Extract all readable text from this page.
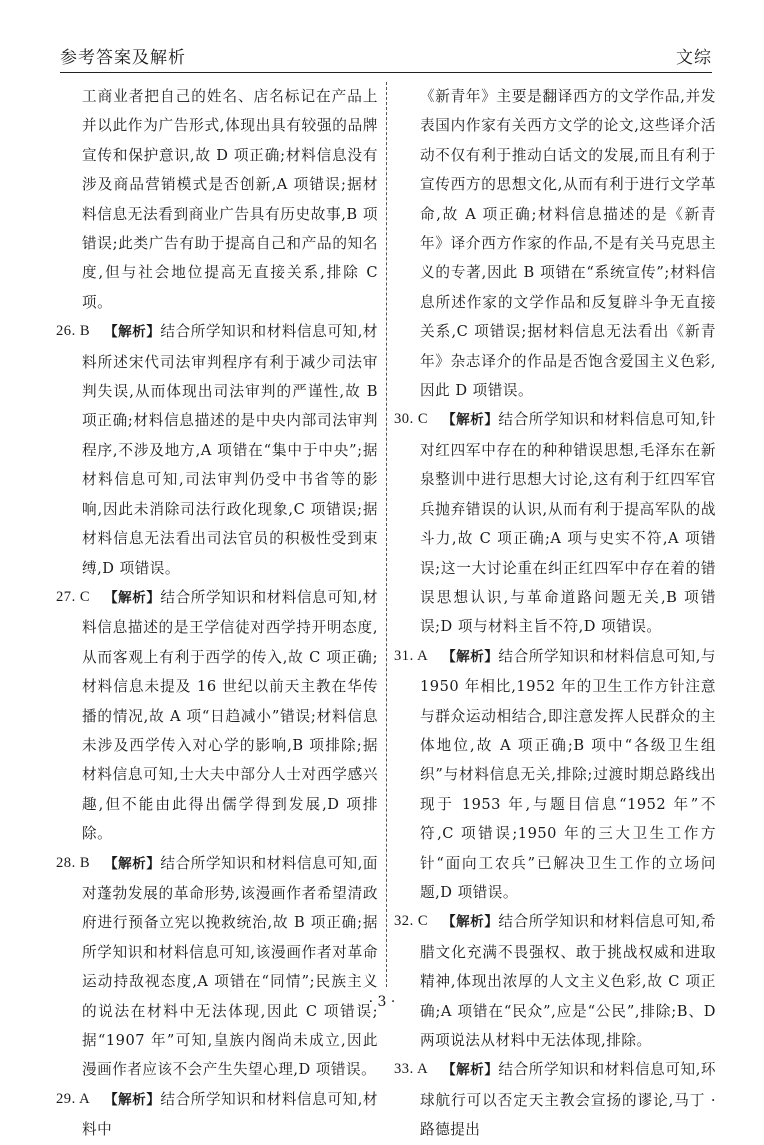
参考答案及解析	文综
工商业者把自己的姓名、店名标记在产品上并以此作为广告形式,体现出具有较强的品牌宣传和保护意识,故 D 项正确;材料信息没有涉及商品营销模式是否创新,A 项错误;据材料信息无法看到商业广告具有历史故事,B 项错误;此类广告有助于提高自己和产品的知名度,但与社会地位提高无直接关系,排除 C 项。
26. B 【解析】结合所学知识和材料信息可知,材料所述宋代司法审判程序有利于减少司法审判失误,从而体现出司法审判的严谨性,故 B 项正确;材料信息描述的是中央内部司法审判程序,不涉及地方,A 项错在“集中于中央”;据材料信息可知,司法审判仍受中书省等的影响,因此未消除司法行政化现象,C 项错误;据材料信息无法看出司法官员的积极性受到束缚,D 项错误。
27. C 【解析】结合所学知识和材料信息可知,材料信息描述的是王学信徒对西学持开明态度,从而客观上有利于西学的传入,故 C 项正确;材料信息未提及 16 世纪以前天主教在华传播的情况,故 A 项“日趋减小”错误;材料信息未涉及西学传入对心学的影响,B 项排除;据材料信息可知,士大夫中部分人士对西学感兴趣,但不能由此得出儒学得到发展,D 项排除。
28. B 【解析】结合所学知识和材料信息可知,面对蓬勃发展的革命形势,该漫画作者希望清政府进行预备立宪以挽救统治,故 B 项正确;据所学知识和材料信息可知,该漫画作者对革命运动持敌视态度,A 项错在“同情”;民族主义的说法在材料中无法体现,因此 C 项错误;据“1907 年”可知,皇族内阁尚未成立,因此漫画作者应该不会产生失望心理,D 项错误。
29. A 【解析】结合所学知识和材料信息可知,材料中
《新青年》主要是翻译西方的文学作品,并发表国内作家有关西方文学的论文,这些译介活动不仅有利于推动白话文的发展,而且有利于宣传西方的思想文化,从而有利于进行文学革命,故 A 项正确;材料信息描述的是《新青年》译介西方作家的作品,不是有关马克思主义的专著,因此 B 项错在“系统宣传”;材料信息所述作家的文学作品和反复辟斗争无直接关系,C 项错误;据材料信息无法看出《新青年》杂志译介的作品是否饱含爱国主义色彩,因此 D 项错误。
30. C 【解析】结合所学知识和材料信息可知,针对红四军中存在的种种错误思想,毛泽东在新泉整训中进行思想大讨论,这有利于红四军官兵抛弃错误的认识,从而有利于提高军队的战斗力,故 C 项正确;A 项与史实不符,A 项错误;这一大讨论重在纠正红四军中存在着的错误思想认识,与革命道路问题无关,B 项错误;D 项与材料主旨不符,D 项错误。
31. A 【解析】结合所学知识和材料信息可知,与 1950 年相比,1952 年的卫生工作方针注意与群众运动相结合,即注意发挥人民群众的主体地位,故 A 项正确;B 项中“各级卫生组织”与材料信息无关,排除;过渡时期总路线出现于 1953 年,与题目信息“1952 年”不符,C 项错误;1950 年的三大卫生工作方针“面向工农兵”已解决卫生工作的立场问题,D 项错误。
32. C 【解析】结合所学知识和材料信息可知,希腊文化充满不畏强权、敢于挑战权威和进取精神,体现出浓厚的人文主义色彩,故 C 项正确;A 项错在“民众”,应是“公民”,排除;B、D 两项说法从材料中无法体现,排除。
33. A 【解析】结合所学知识和材料信息可知,环球航行可以否定天主教会宣扬的谬论,马丁 · 路德提出
· 3 ·
